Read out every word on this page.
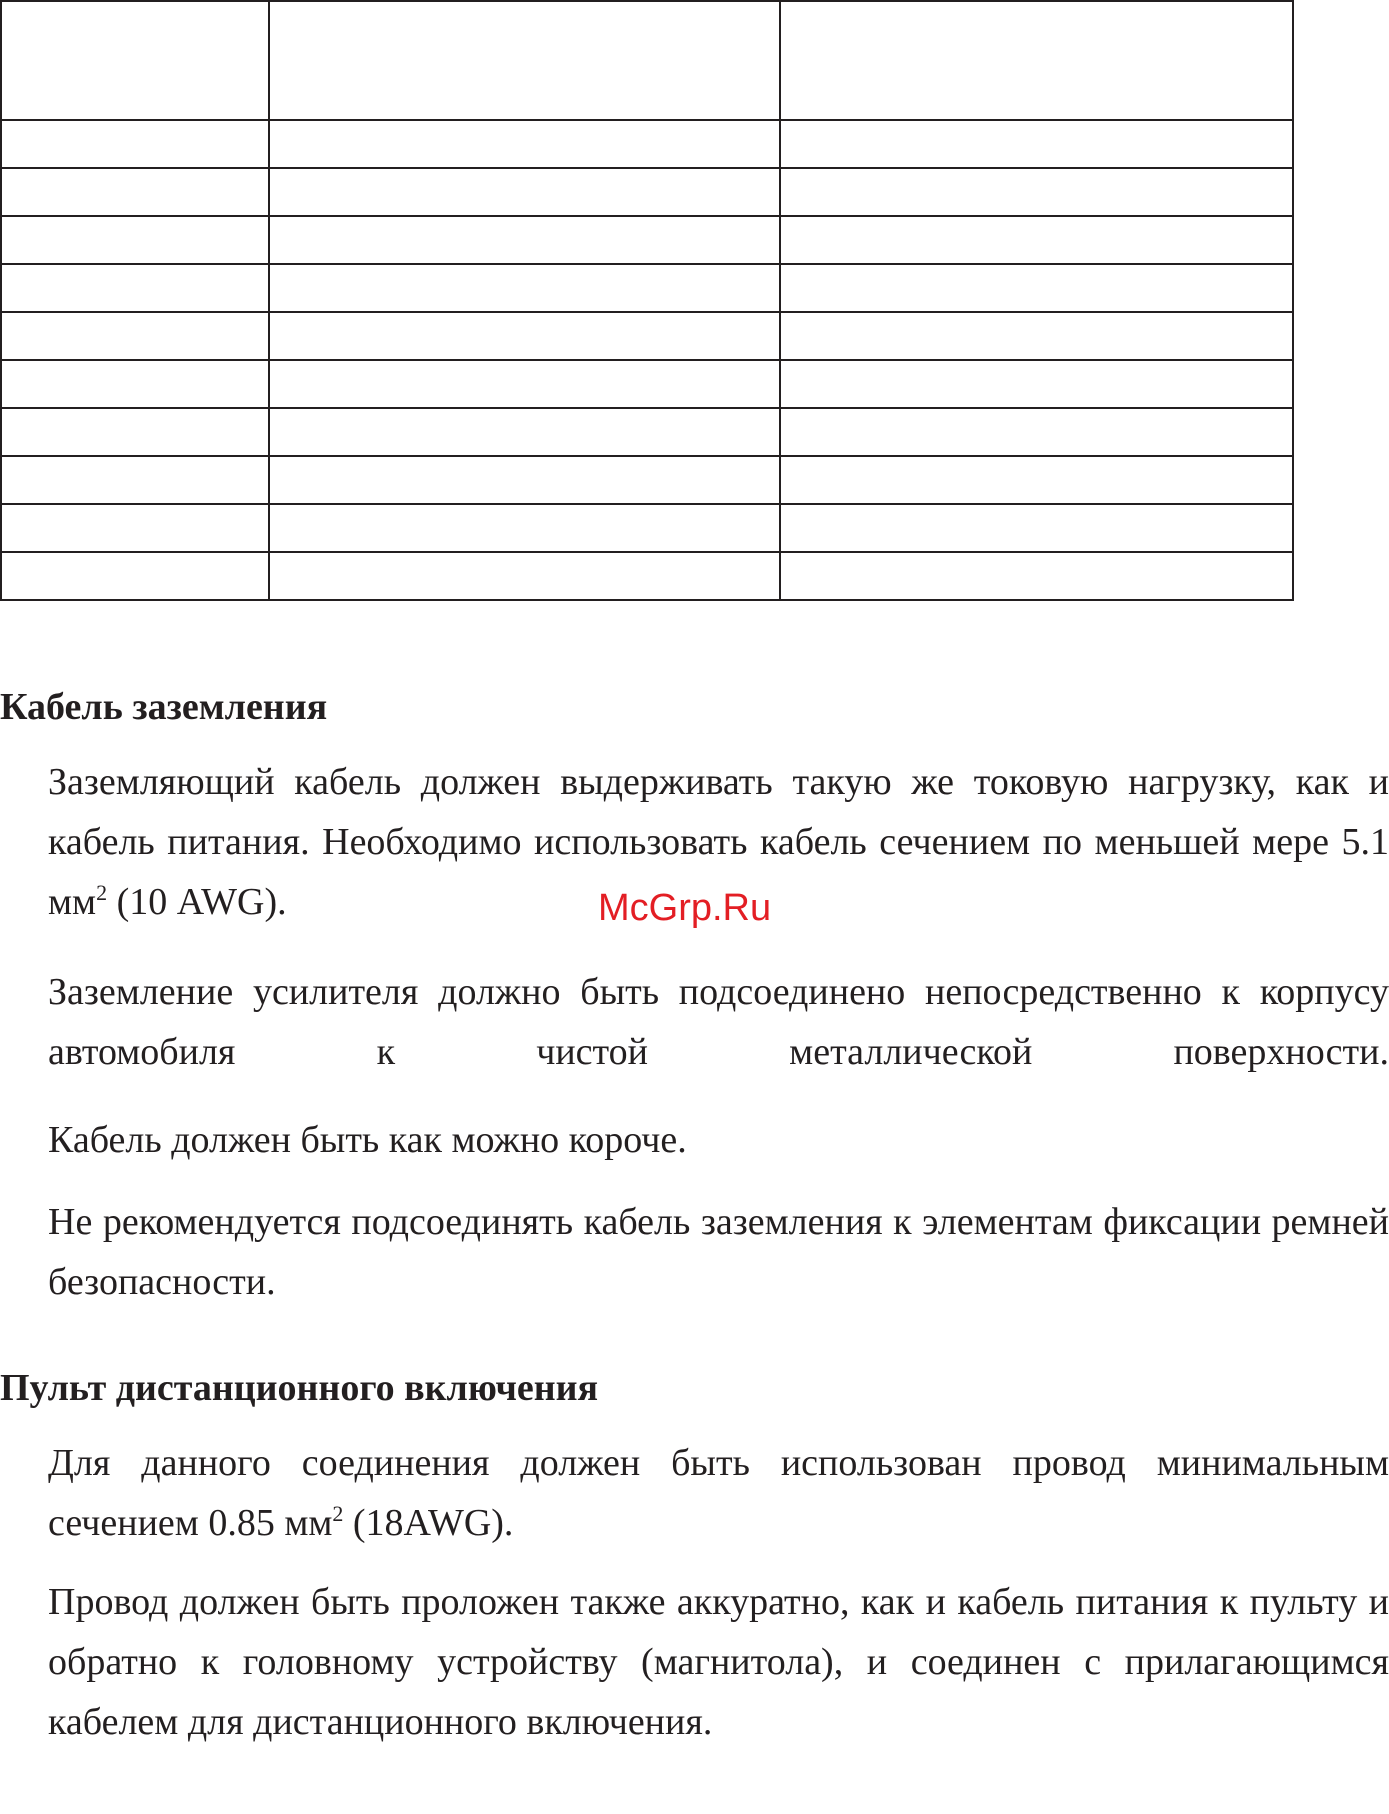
Кабель заземления

Заземляющий кабель должен выдерживать такую же токовую нагрузку, как и кабель питания. Необходимо использовать кабель сечением по меньшей мере 5.1 $мм^2$ (10 AWG).

Заземление усилителя должно быть подсоединено непосредственно к корпусу автомобиля к чистой металлической поверхности.

Кабель должен быть как можно короче.

Не рекомендуется подсоединять кабель заземления к элементам фиксации ремней безопасности.

Пульт дистанционного включения

Для данного соединения должен быть использован провод минимальным сечением 0.85 $мм^2$ (18AWG).

Провод должен быть проложен также аккуратно, как и кабель питания к пульту и обратно к головному устройству (магнитола), и соединен с прилагающимся кабелем для дистанционного включения.

McGrp.Ru
